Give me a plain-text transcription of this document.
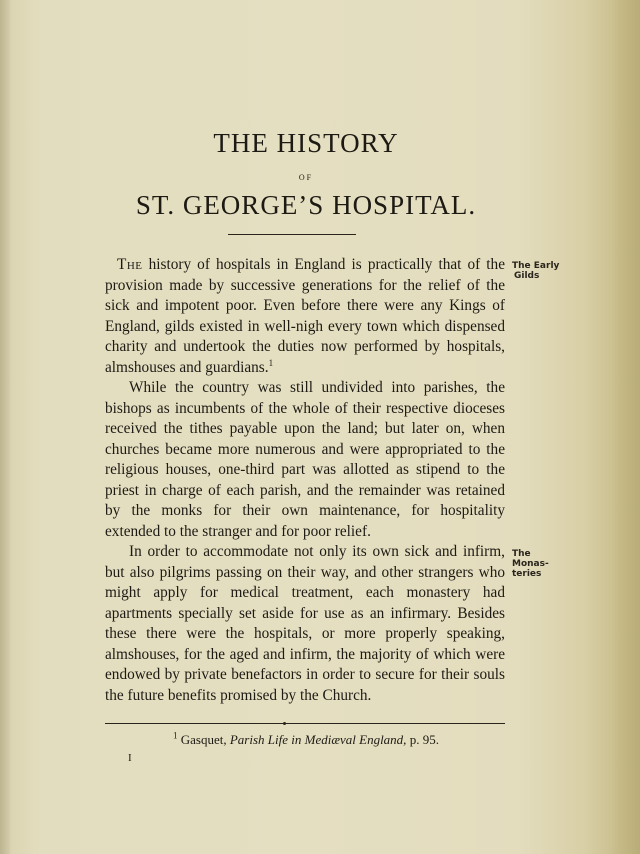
THE HISTORY
OF
ST. GEORGE’S HOSPITAL.

The history of hospitals in England is practically that of the provision made by successive generations for the relief of the sick and impotent poor. Even before there were any Kings of England, gilds existed in well-nigh every town which dispensed charity and undertook the duties now performed by hospitals, almshouses and guardians.$^1$

While the country was still undivided into parishes, the bishops as incumbents of the whole of their respective dioceses received the tithes payable upon the land; but later on, when churches became more numerous and were appropriated to the religious houses, one-third part was allotted as stipend to the priest in charge of each parish, and the remainder was retained by the monks for their own maintenance, for hospitality extended to the stranger and for poor relief.

In order to accommodate not only its own sick and infirm, but also pilgrims passing on their way, and other strangers who might apply for medical treatment, each monastery had apartments specially set aside for use as an infirmary. Besides these there were the hospitals, or more properly speaking, almshouses, for the aged and infirm, the majority of which were endowed by private benefactors in order to secure for their souls the future benefits promised by the Church.

The Early
Gilds
The
Monas-
teries
$^1$ Gasquet, Parish Life in Mediæval England, p. 95.
I
